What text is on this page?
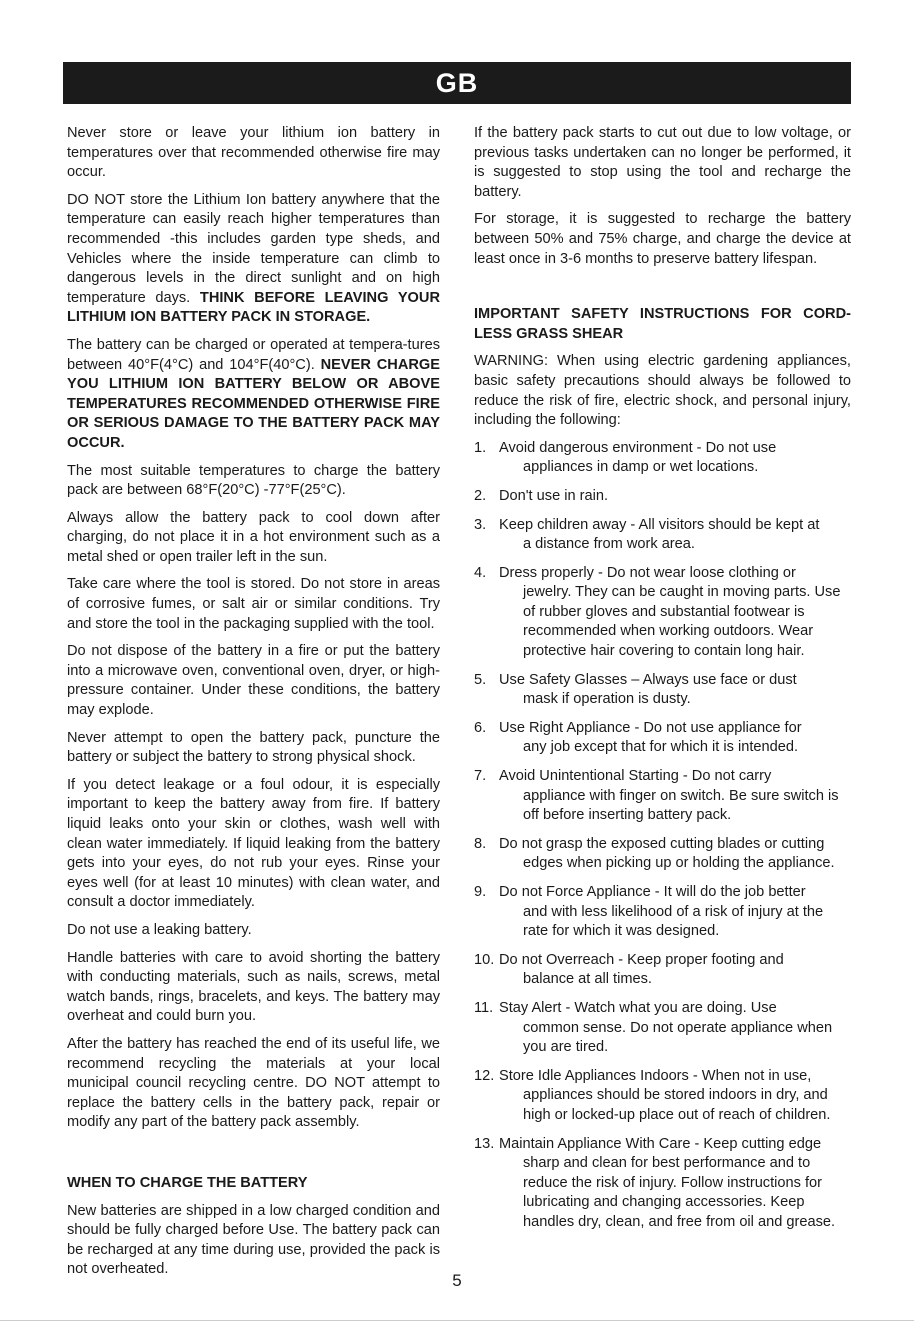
GB

Never store or leave your lithium ion battery in temperatures over that recommended otherwise fire may occur.

DO NOT store the Lithium Ion battery anywhere that the temperature can easily reach higher temperatures than recommended -this includes garden type sheds, and Vehicles where the inside temperature can climb to dangerous levels in the direct sunlight and on high temperature days. THINK BEFORE LEAVING YOUR LITHIUM ION BATTERY PACK IN STORAGE.

The battery can be charged or operated at tempera-tures between 40°F(4°C) and 104°F(40°C). NEVER CHARGE YOU LITHIUM ION BATTERY BELOW OR ABOVE TEMPERATURES RECOMMENDED OTHERWISE FIRE OR SERIOUS DAMAGE TO THE BATTERY PACK MAY OCCUR.

The most suitable temperatures to charge the battery pack are between 68°F(20°C) -77°F(25°C).

Always allow the battery pack to cool down after charging, do not place it in a hot environment such as a metal shed or open trailer left in the sun.

Take care where the tool is stored. Do not store in areas of corrosive fumes, or salt air or similar conditions. Try and store the tool in the packaging supplied with the tool.

Do not dispose of the battery in a fire or put the battery into a microwave oven, conventional oven, dryer, or high-pressure container. Under these conditions, the battery may explode.

Never attempt to open the battery pack, puncture the battery or subject the battery to strong physical shock.

If you detect leakage or a foul odour, it is especially important to keep the battery away from fire. If battery liquid leaks onto your skin or clothes, wash well with clean water immediately. If liquid leaking from the battery gets into your eyes, do not rub your eyes. Rinse your eyes well (for at least 10 minutes) with clean water, and consult a doctor immediately.

Do not use a leaking battery.

Handle batteries with care to avoid shorting the battery with conducting materials, such as nails, screws, metal watch bands, rings, bracelets, and keys. The battery may overheat and could burn you.

After the battery has reached the end of its useful life, we recommend recycling the materials at your local municipal council recycling centre. DO NOT attempt to replace the battery cells in the battery pack, repair or modify any part of the battery pack assembly.

WHEN TO CHARGE THE BATTERY

New batteries are shipped in a low charged condition and should be fully charged before Use. The battery pack can be recharged at any time during use, provided the pack is not overheated.

If the battery pack starts to cut out due to low voltage, or previous tasks undertaken can no longer be performed, it is suggested to stop using the tool and recharge the battery.

For storage, it is suggested to recharge the battery between 50% and 75% charge, and charge the device at least once in 3-6 months to preserve battery lifespan.

IMPORTANT SAFETY INSTRUCTIONS FOR CORD-LESS GRASS SHEAR

WARNING: When using electric gardening appliances, basic safety precautions should always be followed to reduce the risk of fire, electric shock, and personal injury, including the following:

1. Avoid dangerous environment - Do not use
appliances in damp or wet locations.
2. Don't use in rain.
3. Keep children away - All visitors should be kept at
a distance from work area.
4. Dress properly - Do not wear loose clothing or
jewelry. They can be caught in moving parts. Use of rubber gloves and substantial footwear is recommended when working outdoors. Wear protective hair covering to contain long hair.
5. Use Safety Glasses – Always use face or dust
mask if operation is dusty.
6. Use Right Appliance - Do not use appliance for
any job except that for which it is intended.
7. Avoid Unintentional Starting - Do not carry
appliance with finger on switch. Be sure switch is off before inserting battery pack.
8. Do not grasp the exposed cutting blades or cutting
edges when picking up or holding the appliance.
9. Do not Force Appliance - It will do the job better
and with less likelihood of a risk of injury at the rate for which it was designed.
10. Do not Overreach - Keep proper footing and
balance at all times.
11. Stay Alert - Watch what you are doing. Use
common sense. Do not operate appliance when you are tired.
12. Store Idle Appliances Indoors - When not in use,
appliances should be stored indoors in dry, and high or locked-up place out of reach of children.
13. Maintain Appliance With Care - Keep cutting edge
sharp and clean for best performance and to reduce the risk of injury. Follow instructions for lubricating and changing accessories. Keep handles dry, clean, and free from oil and grease.
5
